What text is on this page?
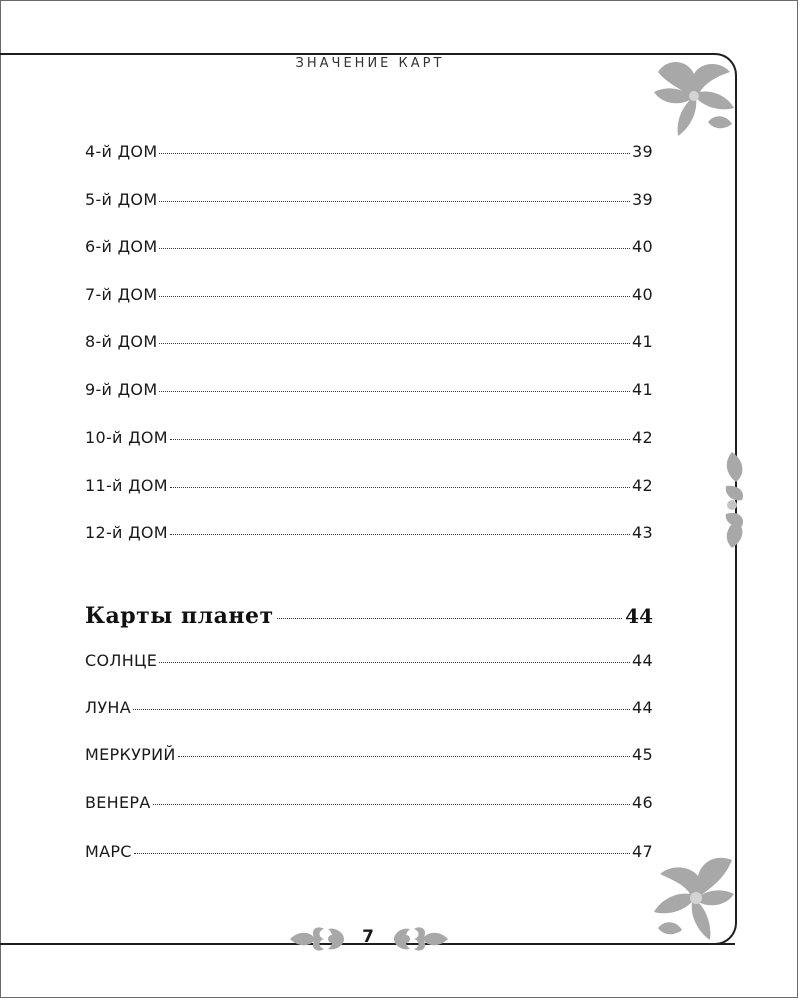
ЗНАЧЕНИЕ КАРТ
4-й ДОМ	39
5-й ДОМ	39
6-й ДОМ	40
7-й ДОМ	40
8-й ДОМ	41
9-й ДОМ	41
10-й ДОМ	42
11-й ДОМ	42
12-й ДОМ	43
Карты планет	44
СОЛНЦЕ	44
ЛУНА	44
МЕРКУРИЙ	45
ВЕНЕРА	46
МАРС	47
7
